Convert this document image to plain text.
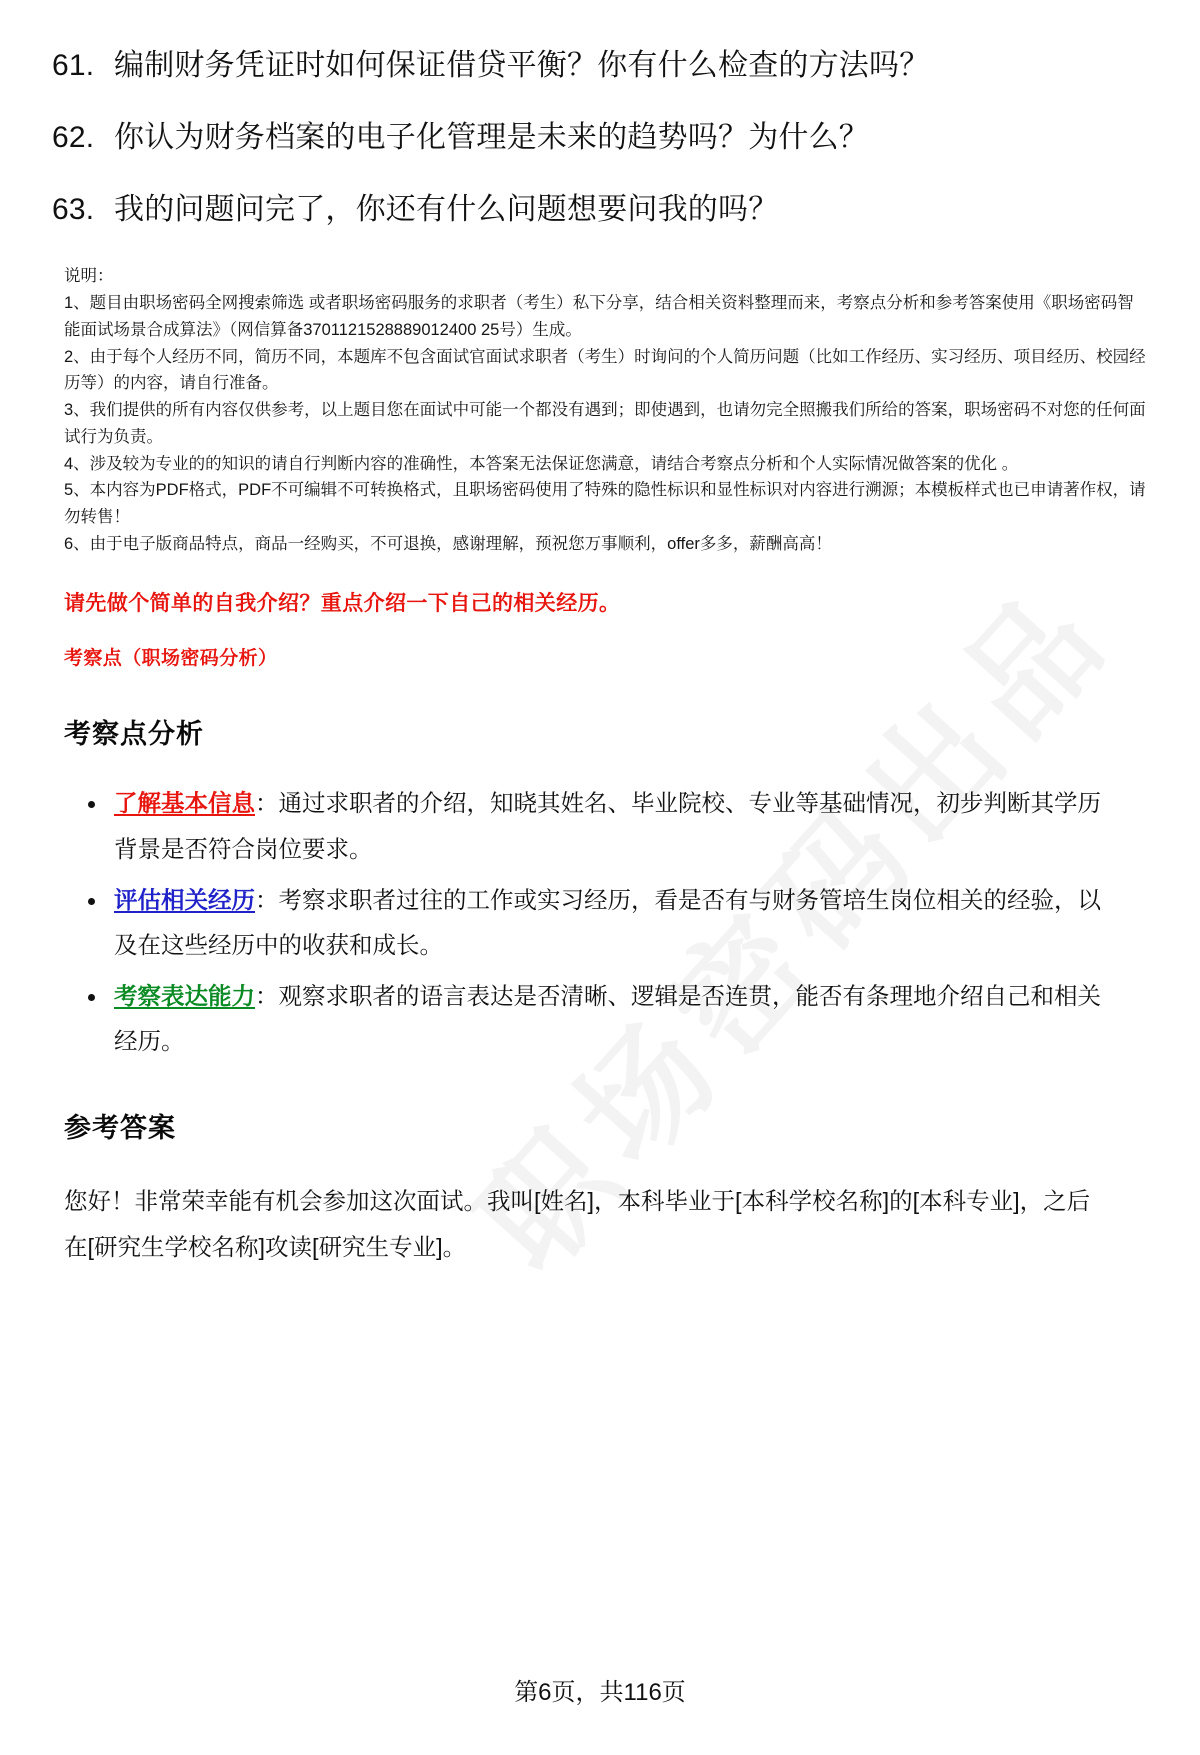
61. 编制财务凭证时如何保证借贷平衡？你有什么检查的方法吗？
62. 你认为财务档案的电子化管理是未来的趋势吗？为什么？
63. 我的问题问完了，你还有什么问题想要问我的吗？
说明：
1、题目由职场密码全网搜索筛选 或者职场密码服务的求职者（考生）私下分享，结合相关资料整理而来，考察点分析和参考答案使用《职场密码智能面试场景合成算法》（网信算备3701121528889012400 25号）生成。
2、由于每个人经历不同，简历不同，本题库不包含面试官面试求职者（考生）时询问的个人简历问题（比如工作经历、实习经历、项目经历、校园经历等）的内容，请自行准备。
3、我们提供的所有内容仅供参考，以上题目您在面试中可能一个都没有遇到；即使遇到，也请勿完全照搬我们所给的答案，职场密码不对您的任何面试行为负责。
4、涉及较为专业的的知识的请自行判断内容的准确性，本答案无法保证您满意，请结合考察点分析和个人实际情况做答案的优化 。
5、本内容为PDF格式，PDF不可编辑不可转换格式，且职场密码使用了特殊的隐性标识和显性标识对内容进行溯源；本模板样式也已申请著作权，请勿转售！
6、由于电子版商品特点，商品一经购买，不可退换，感谢理解，预祝您万事顺利，offer多多，薪酬高高！
请先做个简单的自我介绍？重点介绍一下自己的相关经历。
考察点（职场密码分析）
考察点分析
了解基本信息：通过求职者的介绍，知晓其姓名、毕业院校、专业等基础情况，初步判断其学历背景是否符合岗位要求。
评估相关经历：考察求职者过往的工作或实习经历，看是否有与财务管培生岗位相关的经验，以及在这些经历中的收获和成长。
考察表达能力：观察求职者的语言表达是否清晰、逻辑是否连贯，能否有条理地介绍自己和相关经历。
参考答案
您好！非常荣幸能有机会参加这次面试。我叫[姓名]，本科毕业于[本科学校名称]的[本科专业]，之后在[研究生学校名称]攻读[研究生专业]。
第6页，共116页
